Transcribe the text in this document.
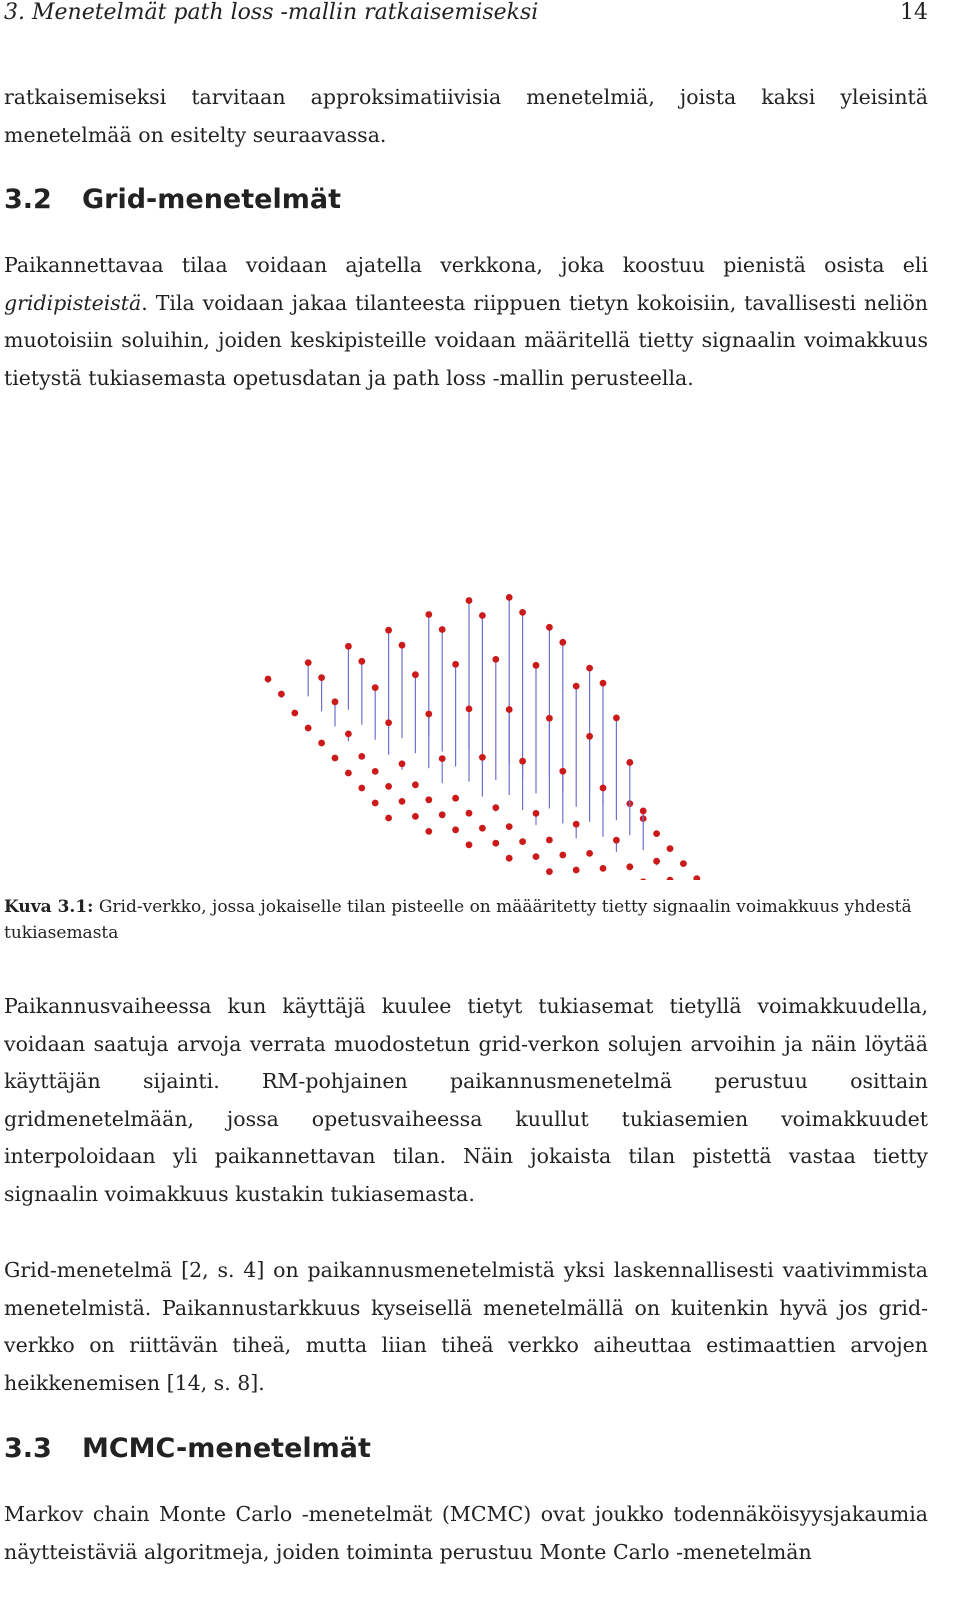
3. Menetelmät path loss -mallin ratkaisemiseksi	14
ratkaisemiseksi tarvitaan approksimatiivisia menetelmiä, joista kaksi yleisintä menetelmää on esitelty seuraavassa.
3.2 Grid-menetelmät
Paikannettavaa tilaa voidaan ajatella verkkona, joka koostuu pienistä osista eli gridipisteistä. Tila voidaan jakaa tilanteesta riippuen tietyn kokoisiin, tavallisesti neliön muotoisiin soluihin, joiden keskipisteille voidaan määritellä tietty signaalin voimakkuus tietystä tukiasemasta opetusdatan ja path loss -mallin perusteella.
Kuva 3.1: Grid-verkko, jossa jokaiselle tilan pisteelle on määäritetty tietty signaalin voimakkuus yhdestä tukiasemasta
Paikannusvaiheessa kun käyttäjä kuulee tietyt tukiasemat tietyllä voimakkuudella, voidaan saatuja arvoja verrata muodostetun grid-verkon solujen arvoihin ja näin löytää käyttäjän sijainti. RM-pohjainen paikannusmenetelmä perustuu osittain gridmenetelmään, jossa opetusvaiheessa kuullut tukiasemien voimakkuudet interpoloidaan yli paikannettavan tilan. Näin jokaista tilan pistettä vastaa tietty signaalin voimakkuus kustakin tukiasemasta.
Grid-menetelmä [2, s. 4] on paikannusmenetelmistä yksi laskennallisesti vaativimmista menetelmistä. Paikannustarkkuus kyseisellä menetelmällä on kuitenkin hyvä jos grid-verkko on riittävän tiheä, mutta liian tiheä verkko aiheuttaa estimaattien arvojen heikkenemisen [14, s. 8].
3.3 MCMC-menetelmät
Markov chain Monte Carlo -menetelmät (MCMC) ovat joukko todennäköisyysjakaumia näytteistäviä algoritmeja, joiden toiminta perustuu Monte Carlo -menetelmän
